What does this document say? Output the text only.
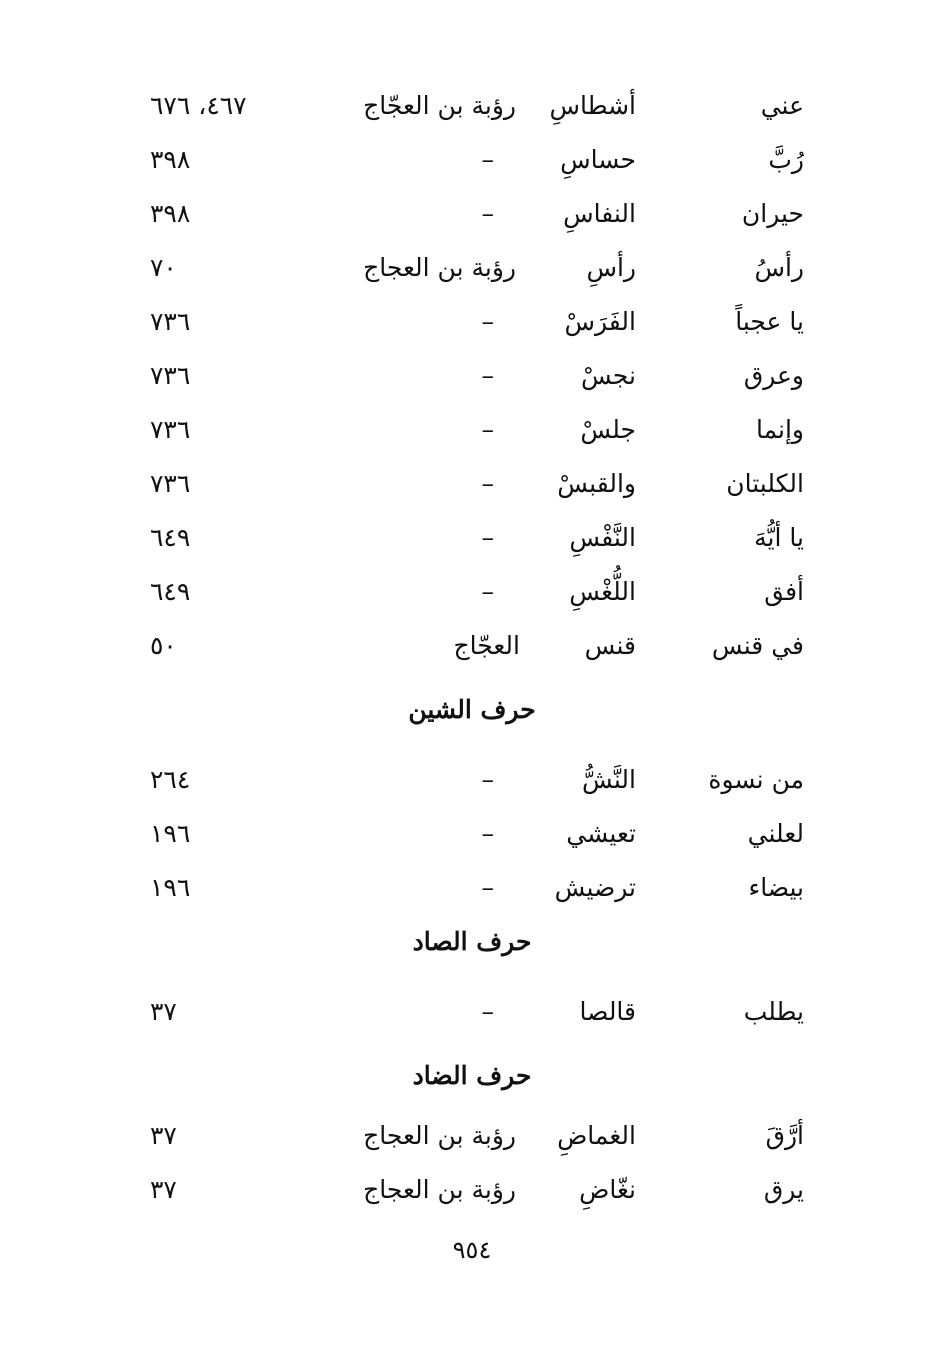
عني
أشطاسِ
رؤبة بن العجّاج
٤٦٧، ٦٧٦
رُبَّ
حساسِ
–
٣٩٨
حيران
النفاسِ
–
٣٩٨
رأسُ
رأسِ
رؤبة بن العجاج
٧٠
يا عجباً
الفَرَسْ
–
٧٣٦
وعرق
نجسْ
–
٧٣٦
وإنما
جلسْ
–
٧٣٦
الكلبتان
والقبسْ
–
٧٣٦
يا أيُّهَ
النَّفْسِ
–
٦٤٩
أفق
اللُّغْسِ
–
٦٤٩
في قنس
قنس
العجّاج
٥٠
حرف الشين
من نسوة
النَّشُّ
–
٢٦٤
لعلني
تعيشي
–
١٩٦
بيضاء
ترضيش
–
١٩٦
حرف الصاد
يطلب
قالصا
–
٣٧
حرف الضاد
أرَّقَ
الغماضِ
رؤبة بن العجاج
٣٧
يرق
نغّاضِ
رؤبة بن العجاج
٣٧
٩٥٤
